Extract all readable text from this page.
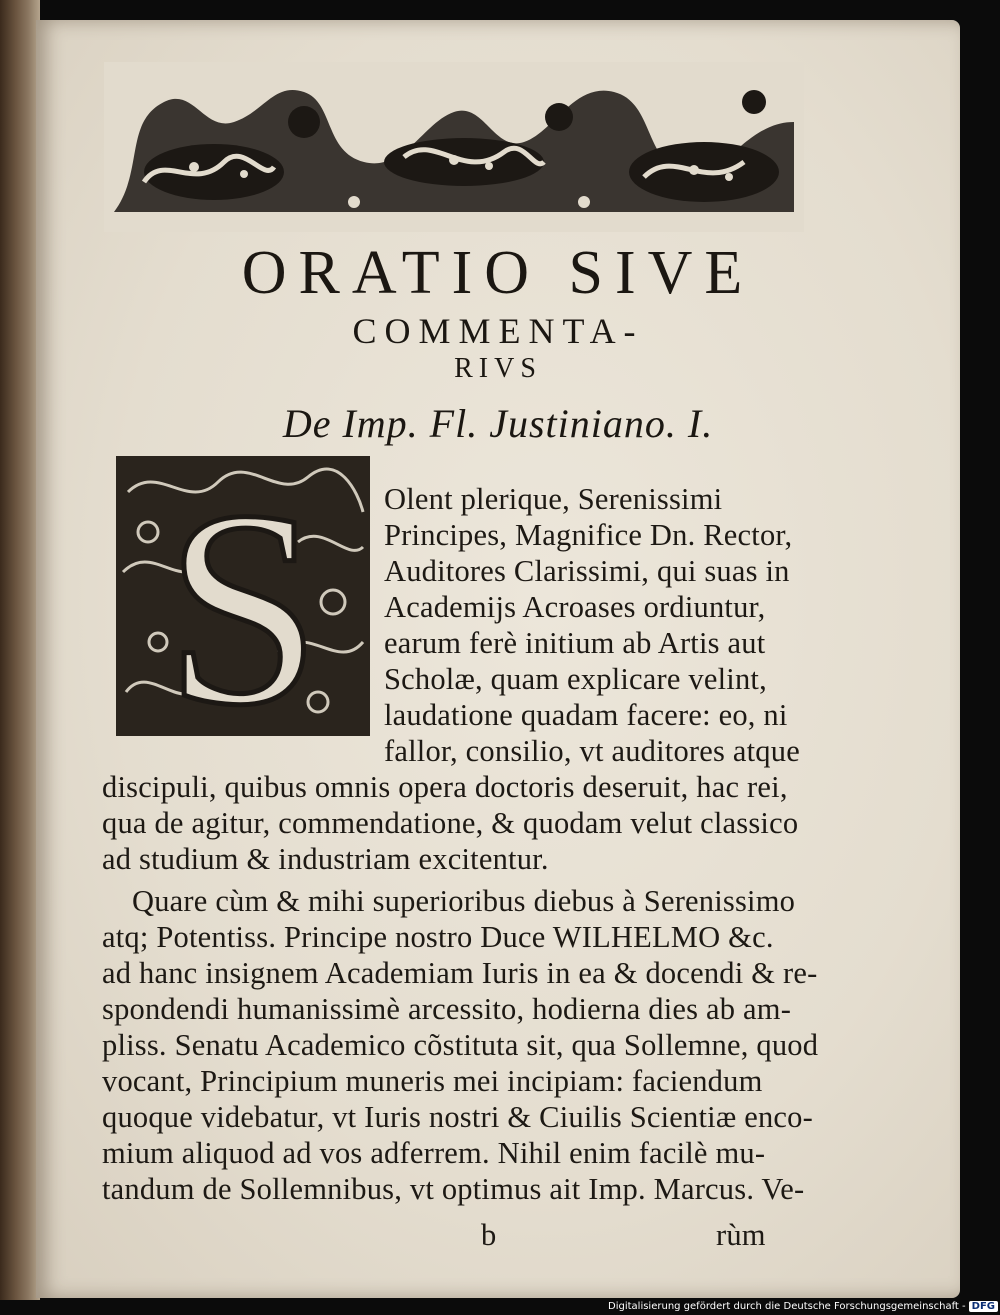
ORATIO SIVE
COMMENTA-
RIVS
De Imp. Fl. Justiniano. I.
S Olent plerique, Serenissimi

Principes, Magnifice Dn. Rector,

Auditores Clarissimi, qui suas in

Academijs Acroases ordiuntur,

earum ferè initium ab Artis aut

Scholæ, quam explicare velint,

laudatione quadam facere: eo, ni

fallor, consilio, vt auditores atque

discipuli, quibus omnis opera doctoris deseruit, hac rei,

qua de agitur, commendatione, & quodam velut classico

ad studium & industriam excitentur.

Quare cùm & mihi superioribus diebus à Serenissimo

atq; Potentiss. Principe nostro Duce WILHELMO &c.

ad hanc insignem Academiam Iuris in ea & docendi & re-

spondendi humanissimè arcessito, hodierna dies ab am-

pliss. Senatu Academico cõstituta sit, qua Sollemne, quod

vocant, Principium muneris mei incipiam: faciendum

quoque videbatur, vt Iuris nostri & Ciuilis Scientiæ enco-

mium aliquod ad vos adferrem. Nihil enim facilè mu-

tandum de Sollemnibus, vt optimus ait Imp. Marcus. Ve-

b	rùm

Digitalisierung gefördert durch die Deutsche Forschungsgemeinschaft - DFG
